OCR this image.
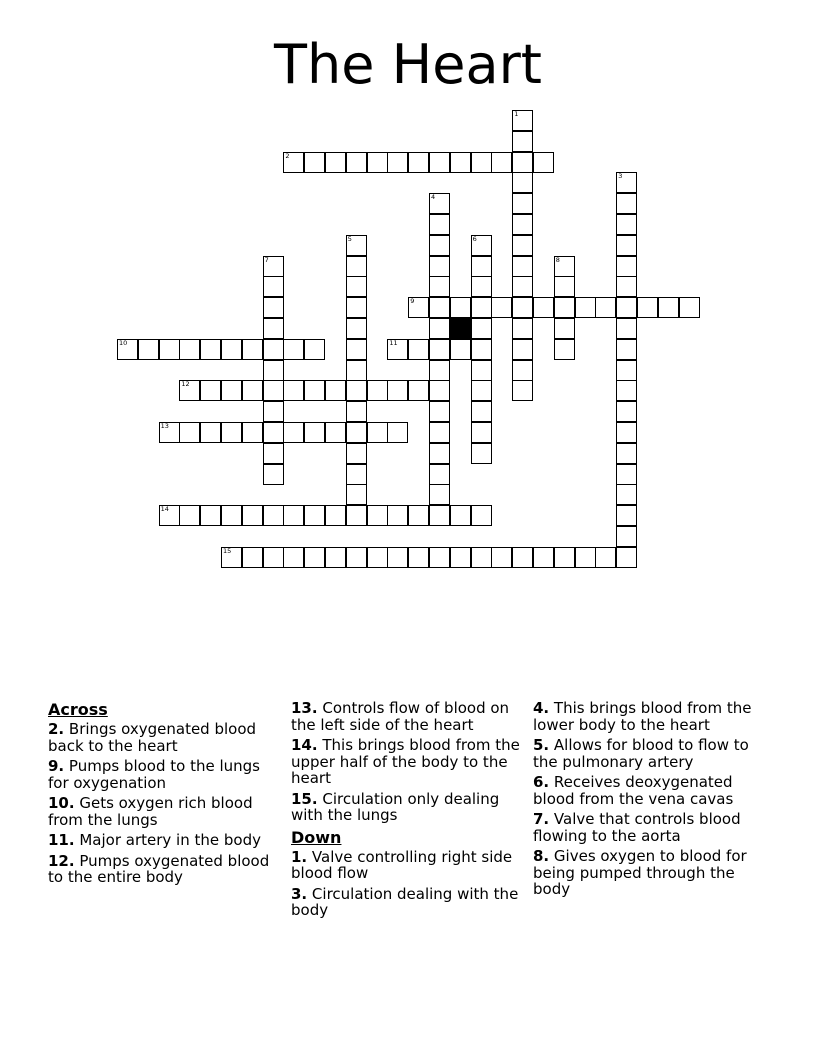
The Heart
1
2
3
4
5	6
7	8
9
10	11
12
13
14
15
Across
2. Brings oxygenated blood back to the heart
9. Pumps blood to the lungs for oxygenation
10. Gets oxygen rich blood from the lungs
11. Major artery in the body
12. Pumps oxygenated blood to the entire body
13. Controls flow of blood on the left side of the heart
14. This brings blood from the upper half of the body to the heart
15. Circulation only dealing with the lungs
Down
1. Valve controlling right side blood flow
3. Circulation dealing with the body
4. This brings blood from the lower body to the heart
5. Allows for blood to flow to the pulmonary artery
6. Receives deoxygenated blood from the vena cavas
7. Valve that controls blood flowing to the aorta
8. Gives oxygen to blood for being pumped through the body
